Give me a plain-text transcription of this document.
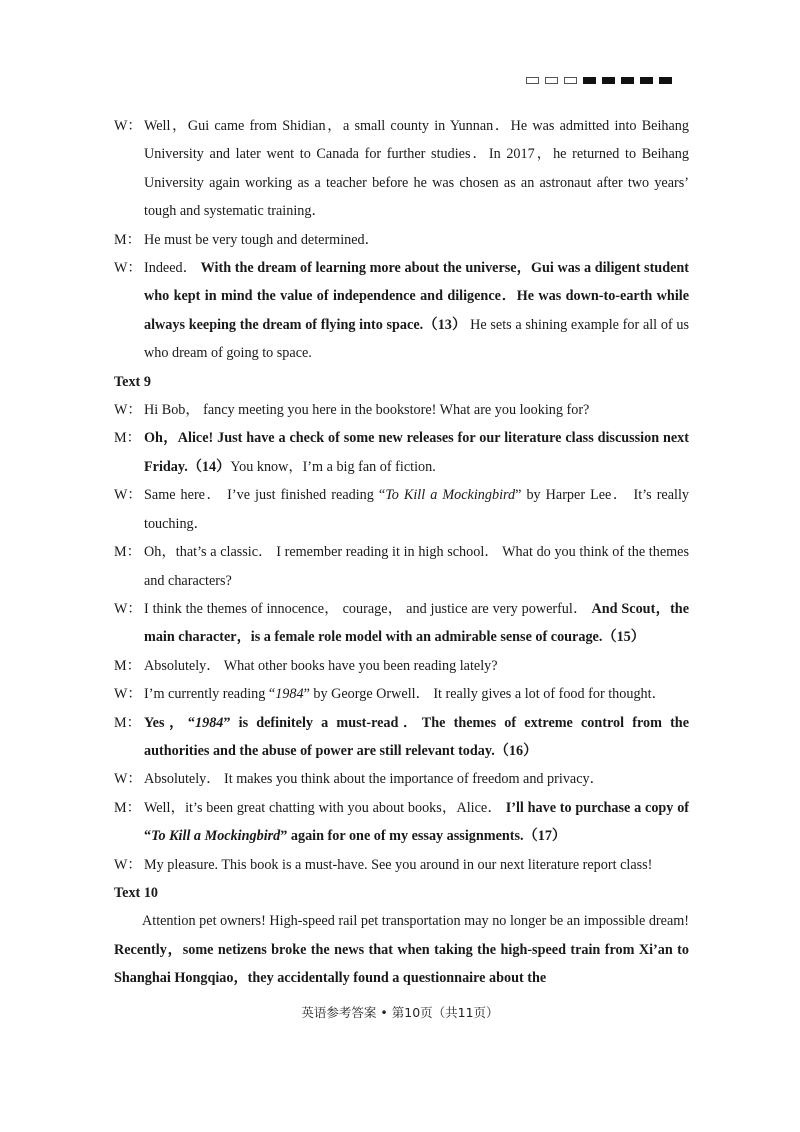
W： Well，Gui came from Shidian，a small county in Yunnan．He was admitted into Beihang University and later went to Canada for further studies．In 2017，he returned to Beihang University again working as a teacher before he was chosen as an astronaut after two years’ tough and systematic training．

M： He must be very tough and determined．

W： Indeed． With the dream of learning more about the universe，Gui was a diligent student who kept in mind the value of independence and diligence．He was down-to-earth while always keeping the dream of flying into space.（13） He sets a shining example for all of us who dream of going to space.

Text 9

W： Hi Bob， fancy meeting you here in the bookstore! What are you looking for?

M： Oh，Alice! Just have a check of some new releases for our literature class discussion next Friday.（14）You know，I’m a big fan of fiction.

W： Same here． I’ve just finished reading “To Kill a Mockingbird” by Harper Lee． It’s really touching．

M： Oh，that’s a classic． I remember reading it in high school． What do you think of the themes and characters?

W： I think the themes of innocence， courage， and justice are very powerful． And Scout，the main character，is a female role model with an admirable sense of courage.（15）

M： Absolutely． What other books have you been reading lately?

W： I’m currently reading “1984” by George Orwell． It really gives a lot of food for thought．

M： Yes，“1984” is definitely a must-read．The themes of extreme control from the authorities and the abuse of power are still relevant today.（16）

W： Absolutely． It makes you think about the importance of freedom and privacy．

M： Well，it’s been great chatting with you about books，Alice． I’ll have to purchase a copy of “To Kill a Mockingbird” again for one of my essay assignments.（17）

W： My pleasure. This book is a must-have. See you around in our next literature report class!

Text 10

Attention pet owners! High-speed rail pet transportation may no longer be an impossible dream! Recently，some netizens broke the news that when taking the high-speed train from Xi’an to Shanghai Hongqiao，they accidentally found a questionnaire about the

英语参考答案 • 第10页（共11页）
